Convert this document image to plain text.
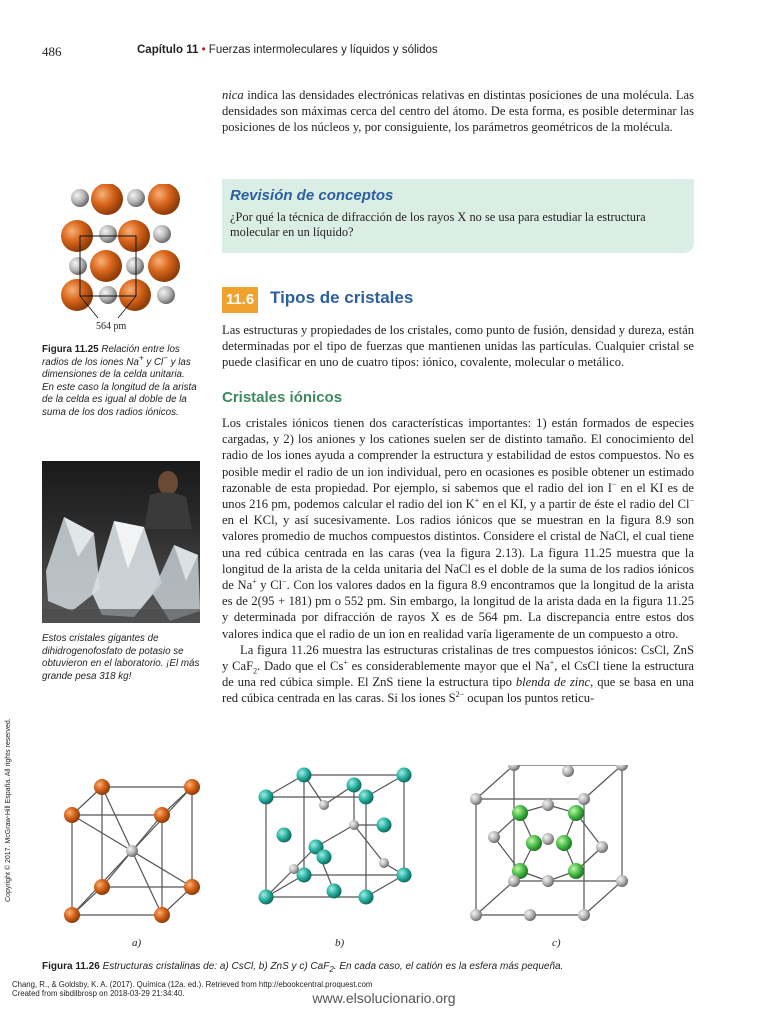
486	Capítulo 11 • Fuerzas intermoleculares y líquidos y sólidos
nica indica las densidades electrónicas relativas en distintas posiciones de una molécula. Las densidades son máximas cerca del centro del átomo. De esta forma, es posible determinar las posiciones de los núcleos y, por consiguiente, los parámetros geométricos de la molécula.
Revisión de conceptos
¿Por qué la técnica de difracción de los rayos X no se usa para estudiar la estructura molecular en un líquido?
11.6 Tipos de cristales
Las estructuras y propiedades de los cristales, como punto de fusión, densidad y dureza, están determinadas por el tipo de fuerzas que mantienen unidas las partículas. Cualquier cristal se puede clasificar en uno de cuatro tipos: iónico, covalente, molecular o metálico.
Cristales iónicos

Los cristales iónicos tienen dos características importantes: 1) están formados de especies cargadas, y 2) los aniones y los cationes suelen ser de distinto tamaño. El conocimiento del radio de los iones ayuda a comprender la estructura y estabilidad de estos compuestos. No es posible medir el radio de un ion individual, pero en ocasiones es posible obtener un estimado razonable de esta propiedad. Por ejemplo, si sabemos que el radio del ion I− en el KI es de unos 216 pm, podemos calcular el radio del ion K+ en el KI, y a partir de éste el radio del Cl− en el KCl, y así sucesivamente. Los radios iónicos que se muestran en la figura 8.9 son valores promedio de muchos compuestos distintos. Considere el cristal de NaCl, el cual tiene una red cúbica centrada en las caras (vea la figura 2.13). La figura 11.25 muestra que la longitud de la arista de la celda unitaria del NaCl es el doble de la suma de los radios iónicos de Na+ y Cl−. Con los valores dados en la figura 8.9 encontramos que la longitud de la arista es de 2(95 + 181) pm o 552 pm. Sin embargo, la longitud de la arista dada en la figura 11.25 y determinada por difracción de rayos X es de 564 pm. La discrepancia entre estos dos valores indica que el radio de un ion en realidad varía ligeramente de un compuesto a otro.

La figura 11.26 muestra las estructuras cristalinas de tres compuestos iónicos: CsCl, ZnS y CaF$_2$. Dado que el Cs+ es considerablemente mayor que el Na+, el CsCl tiene la estructura de una red cúbica simple. El ZnS tiene la estructura tipo blenda de zinc, que se basa en una red cúbica centrada en las caras. Si los iones $S^{2-}$ ocupan los puntos reticu-

564 pm
Figura 11.25 Relación entre los radios de los iones Na+ y Cl− y las dimensiones de la celda unitaria. En este caso la longitud de la arista de la celda es igual al doble de la suma de los dos radios iónicos.
Estos cristales gigantes de dihidrogenofosfato de potasio se obtuvieron en el laboratorio. ¡El más grande pesa 318 kg!
Copyright © 2017. McGraw-Hill España. All rights reserved.
a)	b)	c)
Figura 11.26 Estructuras cristalinas de: a) CsCl, b) ZnS y c) CaF$_2$. En cada caso, el catión es la esfera más pequeña.
Chang, R., & Goldsby, K. A. (2017). Química (12a. ed.). Retrieved from http://ebookcentral.proquest.com
Created from sibdilbrosp on 2018-03-29 21:34:40.	www.elsolucionario.org
